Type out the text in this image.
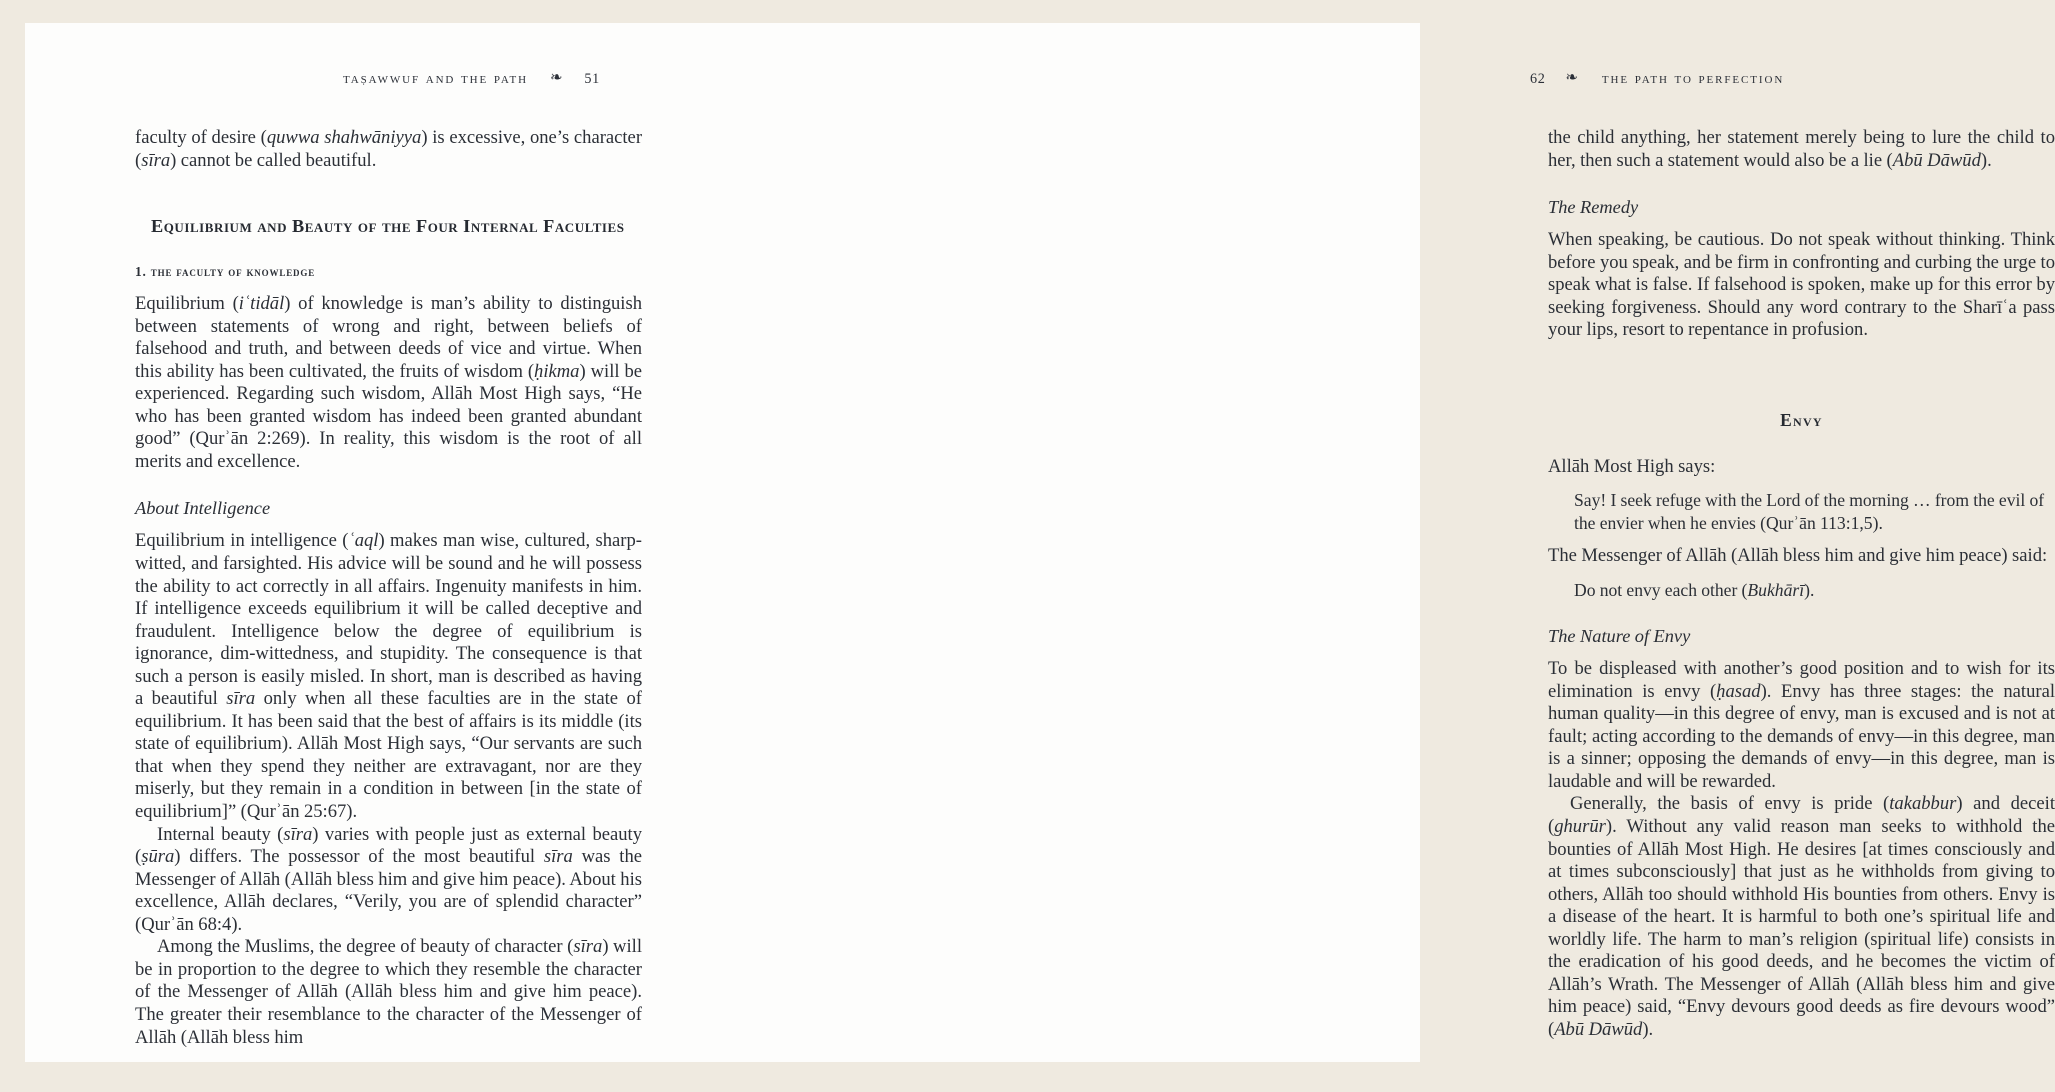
taṣawwuf and the path ❧ 51

faculty of desire (quwwa shahwāniyya) is excessive, one’s character (sīra) cannot be called beautiful.

Equilibrium and Beauty of the Four Internal Faculties
1. the faculty of knowledge

Equilibrium (iʿtidāl) of knowledge is man’s ability to distinguish between statements of wrong and right, between beliefs of falsehood and truth, and between deeds of vice and virtue. When this ability has been cultivated, the fruits of wisdom (ḥikma) will be experienced. Regarding such wisdom, Allāh Most High says, “He who has been granted wisdom has indeed been granted abundant good” (Qurʾān 2:269). In reality, this wisdom is the root of all merits and excellence.

About Intelligence

Equilibrium in intelligence (ʿaql) makes man wise, cultured, sharp-witted, and farsighted. His advice will be sound and he will possess the ability to act correctly in all affairs. Ingenuity manifests in him. If intelligence exceeds equilibrium it will be called deceptive and fraudulent. Intelligence below the degree of equilibrium is ignorance, dim-wittedness, and stupidity. The consequence is that such a person is easily misled. In short, man is described as having a beautiful sīra only when all these faculties are in the state of equilibrium. It has been said that the best of affairs is its middle (its state of equilibrium). Allāh Most High says, “Our servants are such that when they spend they neither are extravagant, nor are they miserly, but they remain in a condition in between [in the state of equilibrium]” (Qurʾān 25:67).

Internal beauty (sīra) varies with people just as external beauty (ṣūra) differs. The possessor of the most beautiful sīra was the Messenger of Allāh (Allāh bless him and give him peace). About his excellence, Allāh declares, “Verily, you are of splendid character” (Qurʾān 68:4).

Among the Muslims, the degree of beauty of character (sīra) will be in proportion to the degree to which they resemble the character of the Messenger of Allāh (Allāh bless him and give him peace). The greater their resemblance to the character of the Messenger of Allāh (Allāh bless him

62 ❧ the path to perfection

the child anything, her statement merely being to lure the child to her, then such a statement would also be a lie (Abū Dāwūd).

The Remedy

When speaking, be cautious. Do not speak without thinking. Think before you speak, and be firm in confronting and curbing the urge to speak what is false. If falsehood is spoken, make up for this error by seeking forgiveness. Should any word contrary to the Sharīʿa pass your lips, resort to repentance in profusion.

Envy

Allāh Most High says:

Say! I seek refuge with the Lord of the morning … from the evil of the envier when he envies (Qurʾān 113:1,5).

The Messenger of Allāh (Allāh bless him and give him peace) said:

Do not envy each other (Bukhārī).
The Nature of Envy

To be displeased with another’s good position and to wish for its elimination is envy (ḥasad). Envy has three stages: the natural human quality—in this degree of envy, man is excused and is not at fault; acting according to the demands of envy—in this degree, man is a sinner; opposing the demands of envy—in this degree, man is laudable and will be rewarded.

Generally, the basis of envy is pride (takabbur) and deceit (ghurūr). Without any valid reason man seeks to withhold the bounties of Allāh Most High. He desires [at times consciously and at times subconsciously] that just as he withholds from giving to others, Allāh too should withhold His bounties from others. Envy is a disease of the heart. It is harmful to both one’s spiritual life and worldly life. The harm to man’s religion (spiritual life) consists in the eradication of his good deeds, and he becomes the victim of Allāh’s Wrath. The Messenger of Allāh (Allāh bless him and give him peace) said, “Envy devours good deeds as fire devours wood” (Abū Dāwūd).
